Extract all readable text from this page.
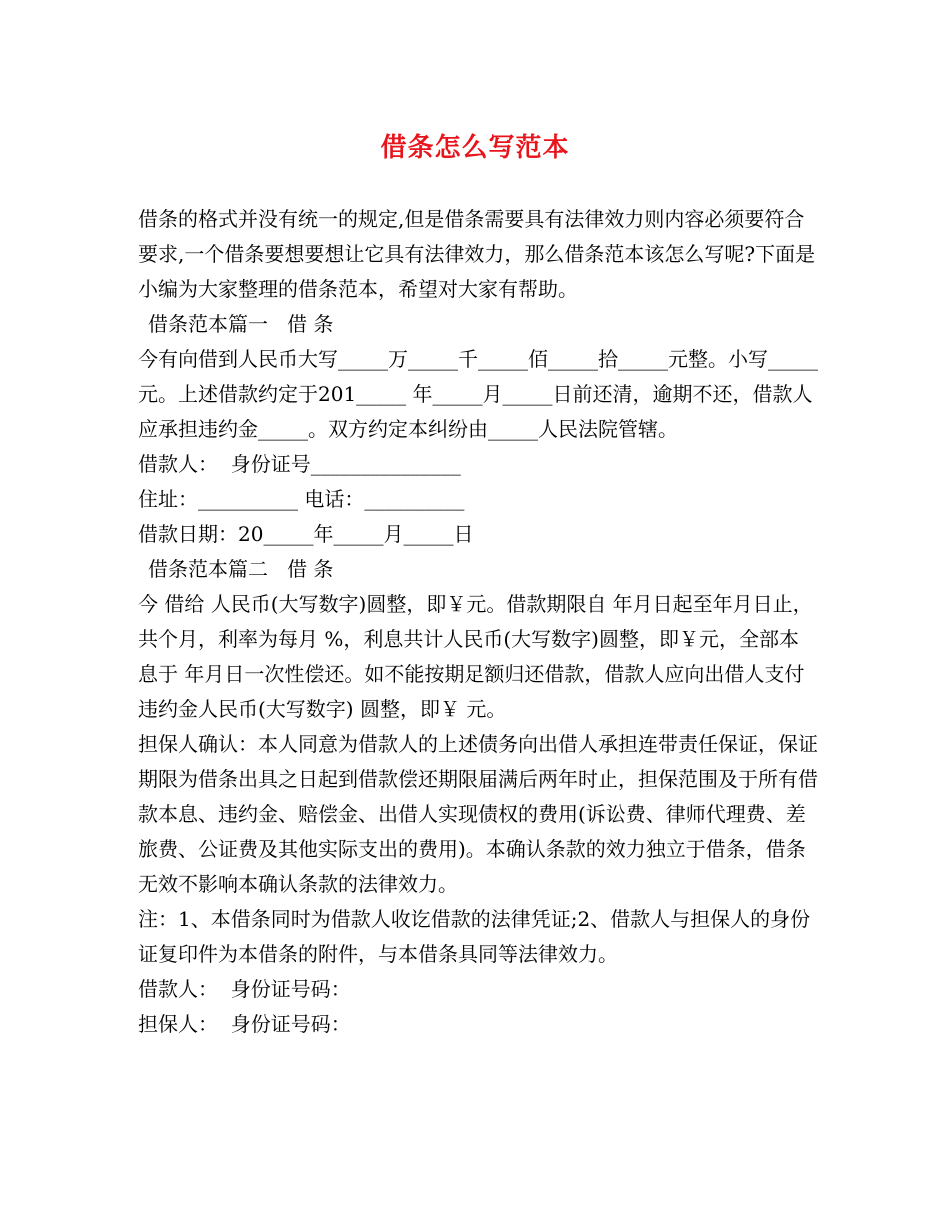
借条怎么写范本

借条的格式并没有统一的规定,但是借条需要具有法律效力则内容必须要符合要求,一个借条要想要想让它具有法律效力，那么借条范本该怎么写呢?下面是小编为大家整理的借条范本，希望对大家有帮助。

借条范本篇一   借 条

今有向借到人民币大写_____万_____千_____佰_____拾_____元整。小写_____元。上述借款约定于201_____ 年_____月_____日前还清，逾期不还，借款人应承担违约金_____。双方约定本纠纷由_____人民法院管辖。

借款人：  身份证号_______________

住址：__________ 电话：__________

借款日期：20_____年_____月_____日

借条范本篇二   借 条

今 借给 人民币(大写数字)圆整，即￥元。借款期限自 年月日起至年月日止，共个月，利率为每月 %，利息共计人民币(大写数字)圆整，即￥元，全部本息于 年月日一次性偿还。如不能按期足额归还借款，借款人应向出借人支付违约金人民币(大写数字) 圆整，即￥ 元。

担保人确认：本人同意为借款人的上述债务向出借人承担连带责任保证，保证期限为借条出具之日起到借款偿还期限届满后两年时止，担保范围及于所有借款本息、违约金、赔偿金、出借人实现债权的费用(诉讼费、律师代理费、差旅费、公证费及其他实际支出的费用)。本确认条款的效力独立于借条，借条无效不影响本确认条款的法律效力。

注：1、本借条同时为借款人收讫借款的法律凭证;2、借款人与担保人的身份证复印件为本借条的附件，与本借条具同等法律效力。

借款人：  身份证号码：

担保人：  身份证号码：
